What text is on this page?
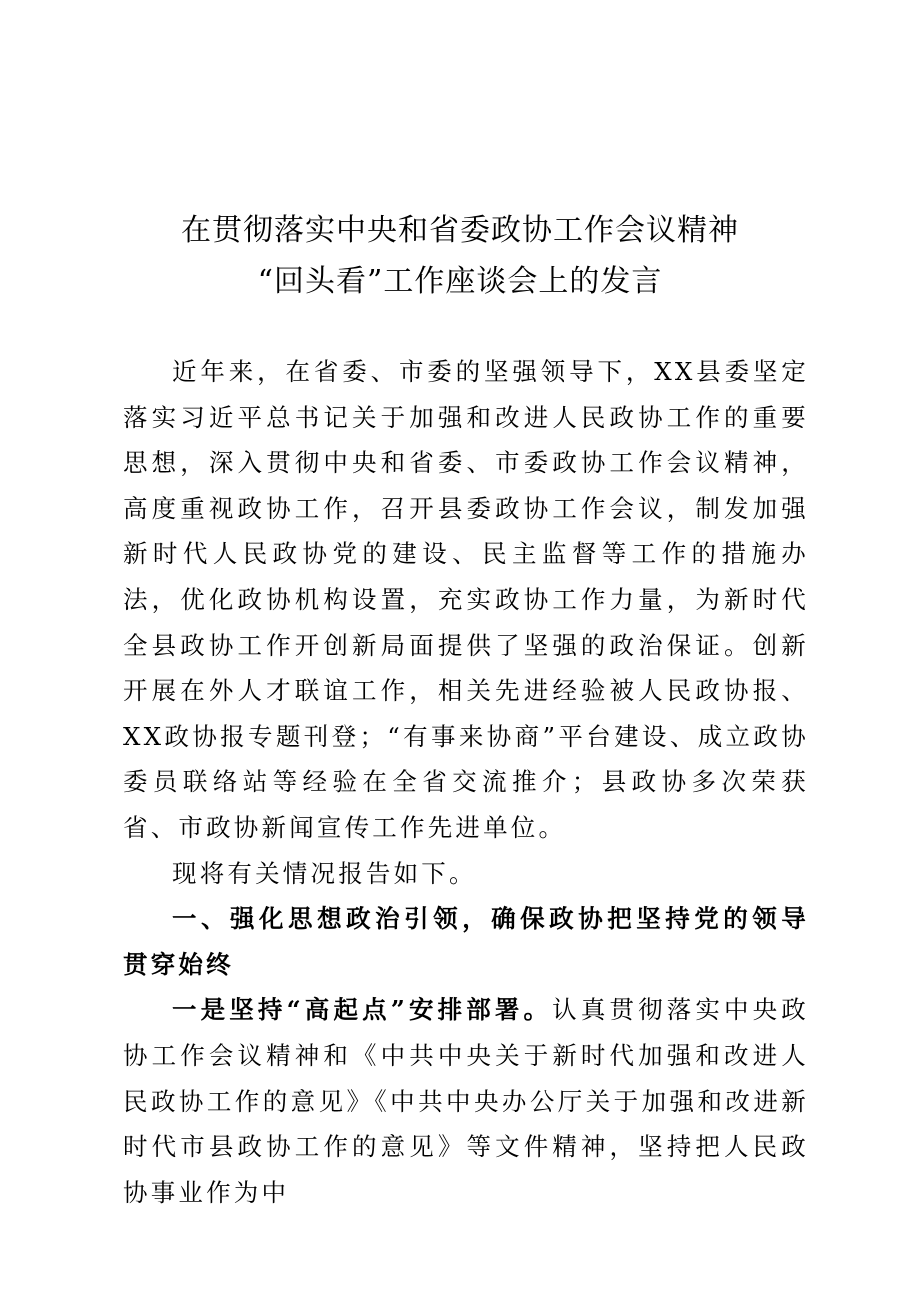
在贯彻落实中央和省委政协工作会议精神
“回头看”工作座谈会上的发言

近年来，在省委、市委的坚强领导下，XX县委坚定落实习近平总书记关于加强和改进人民政协工作的重要思想，深入贯彻中央和省委、市委政协工作会议精神，高度重视政协工作，召开县委政协工作会议，制发加强新时代人民政协党的建设、民主监督等工作的措施办法，优化政协机构设置，充实政协工作力量，为新时代全县政协工作开创新局面提供了坚强的政治保证。创新开展在外人才联谊工作，相关先进经验被人民政协报、XX政协报专题刊登；“有事来协商”平台建设、成立政协委员联络站等经验在全省交流推介；县政协多次荣获省、市政协新闻宣传工作先进单位。

现将有关情况报告如下。

一、强化思想政治引领，确保政协把坚持党的领导贯穿始终

一是坚持“高起点”安排部署。认真贯彻落实中央政协工作会议精神和《中共中央关于新时代加强和改进人民政协工作的意见》《中共中央办公厅关于加强和改进新时代市县政协工作的意见》等文件精神，坚持把人民政协事业作为中
